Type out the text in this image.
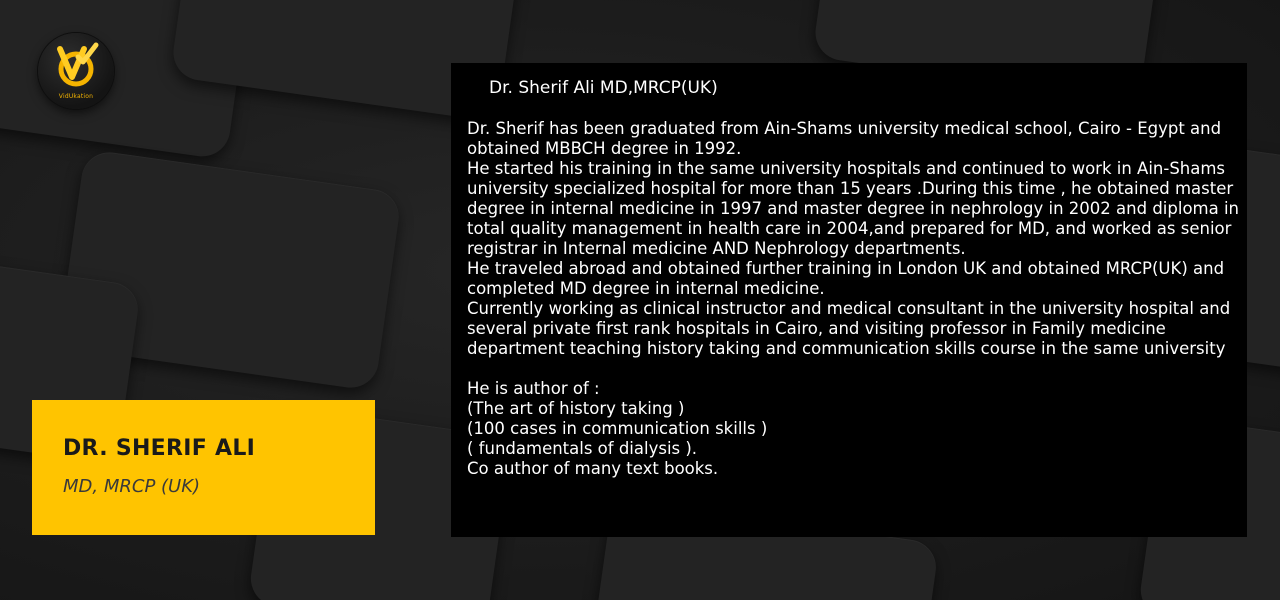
VidUkation
DR. SHERIF ALI
MD, MRCP (UK)
Dr. Sherif Ali MD,MRCP(UK)

Dr. Sherif has been graduated from Ain-Shams university medical school, Cairo - Egypt and obtained MBBCH degree in 1992.

He started his training in the same university hospitals and continued to work in Ain-Shams university specialized hospital for more than 15 years .During this time , he obtained master degree in internal medicine in 1997 and master degree in nephrology in 2002 and diploma in total quality management in health care in 2004,and prepared for MD, and worked as senior registrar in Internal medicine AND Nephrology departments.

He traveled abroad and obtained further training in London UK and obtained MRCP(UK) and completed MD degree in internal medicine.

Currently working as clinical instructor and medical consultant in the university hospital and several private first rank hospitals in Cairo, and visiting professor in Family medicine department teaching history taking and communication skills course in the same university

He is author of :

(The art of history taking )

(100 cases in communication skills )

( fundamentals of dialysis ).

Co author of many text books.
